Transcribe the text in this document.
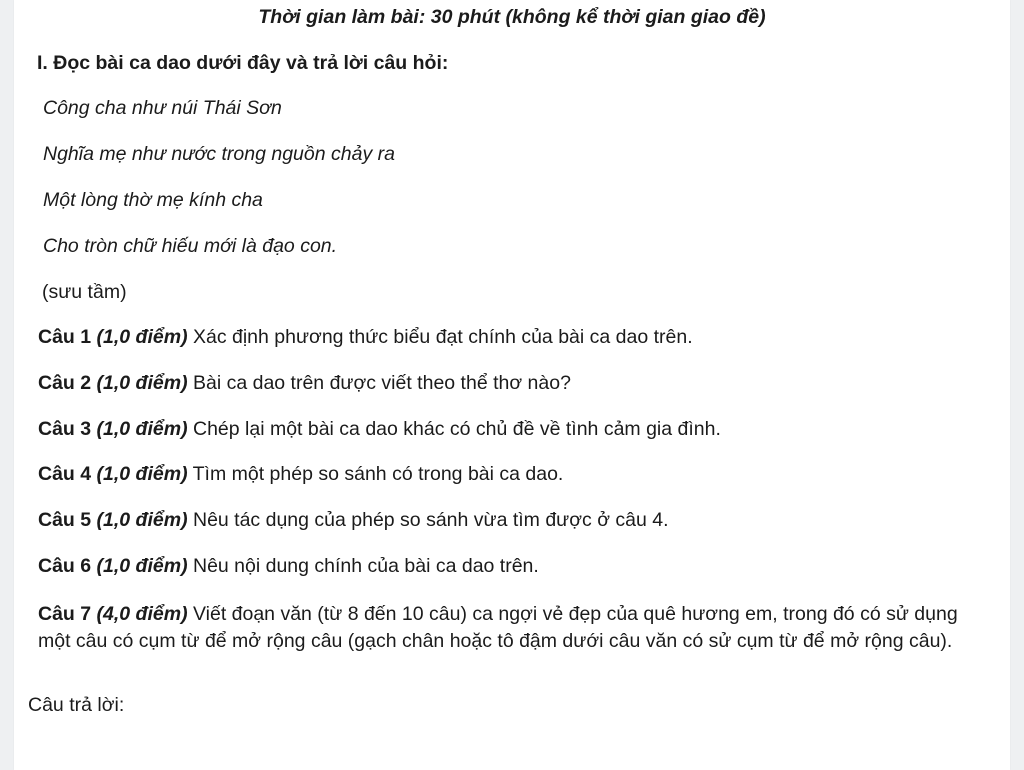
Thời gian làm bài: 30 phút (không kể thời gian giao đề)
I. Đọc bài ca dao dưới đây và trả lời câu hỏi:
Công cha như núi Thái Sơn
Nghĩa mẹ như nước trong nguồn chảy ra
Một lòng thờ mẹ kính cha
Cho tròn chữ hiếu mới là đạo con.
(sưu tầm)
Câu 1 (1,0 điểm) Xác định phương thức biểu đạt chính của bài ca dao trên.
Câu 2 (1,0 điểm) Bài ca dao trên được viết theo thể thơ nào?
Câu 3 (1,0 điểm) Chép lại một bài ca dao khác có chủ đề về tình cảm gia đình.
Câu 4 (1,0 điểm) Tìm một phép so sánh có trong bài ca dao.
Câu 5 (1,0 điểm) Nêu tác dụng của phép so sánh vừa tìm được ở câu 4.
Câu 6 (1,0 điểm) Nêu nội dung chính của bài ca dao trên.
Câu 7 (4,0 điểm) Viết đoạn văn (từ 8 đến 10 câu) ca ngợi vẻ đẹp của quê hương em, trong đó có sử dụng
một câu có cụm từ để mở rộng câu (gạch chân hoặc tô đậm dưới câu văn có sử cụm từ để mở rộng câu).
Câu trả lời:
